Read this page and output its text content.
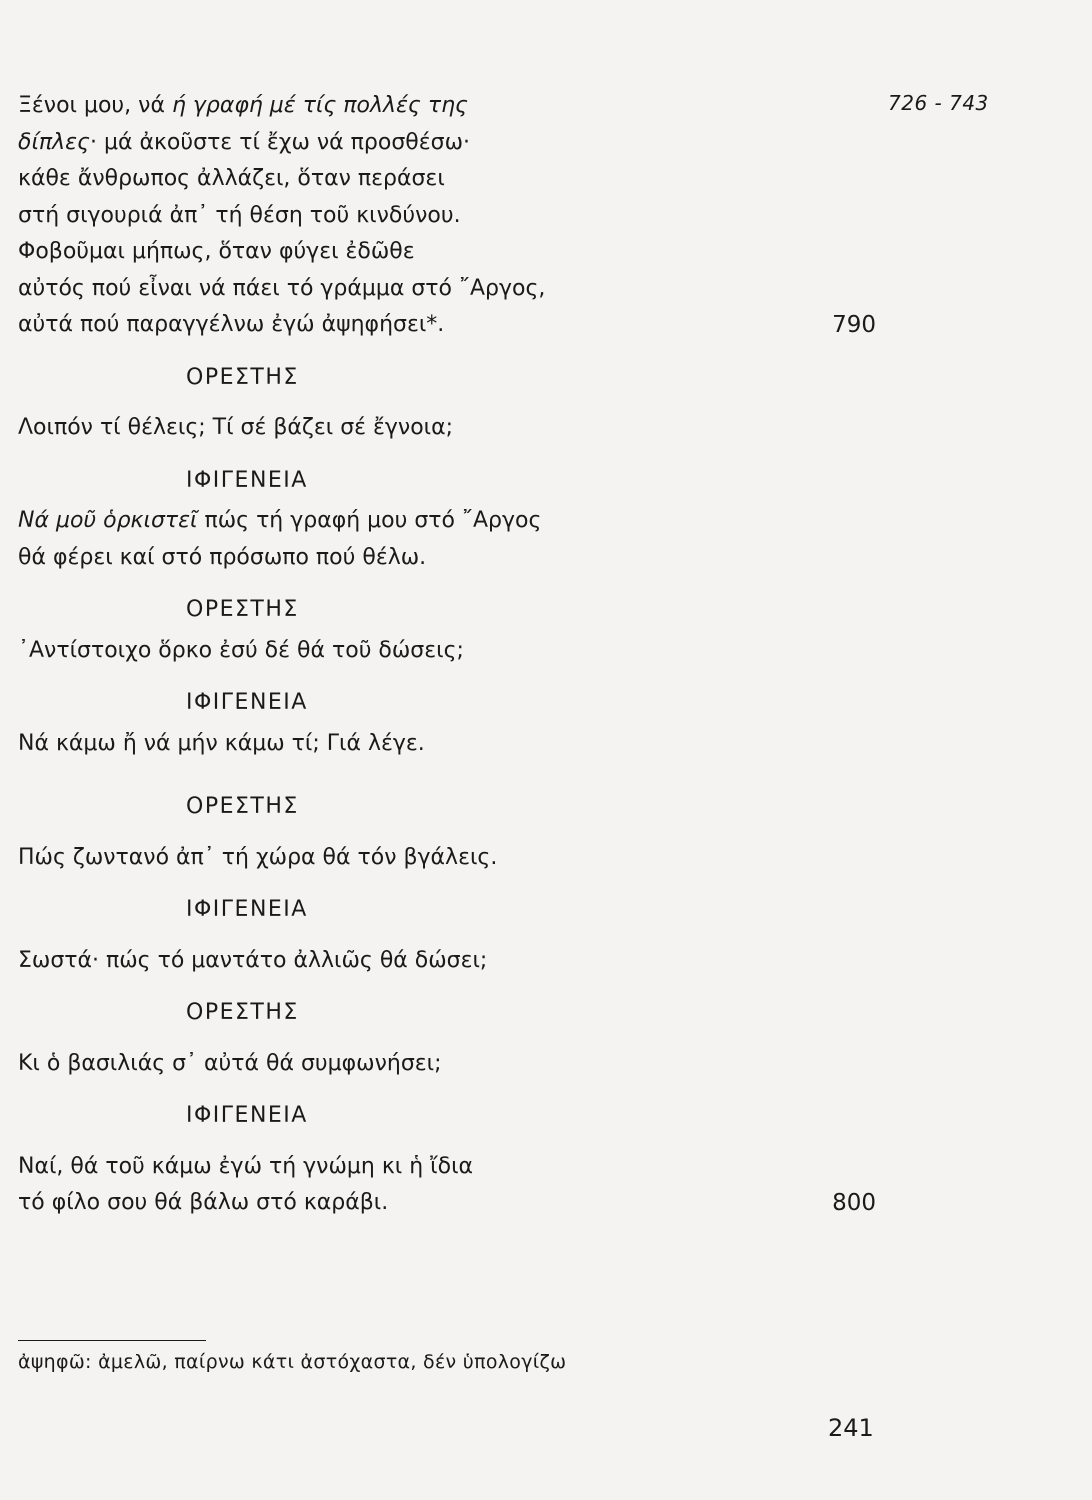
726 - 743
Ξένοι μου, νά ή γραφή μέ τίς πολλές της
δίπλες· μά ἀκοῦστε τί ἔχω νά προσθέσω·
κάθε ἄνθρωπος ἀλλάζει, ὅταν περάσει
στή σιγουριά ἀπ᾽ τή θέση τοῦ κινδύνου.
Φοβοῦμαι μήπως, ὅταν φύγει ἐδῶθε
αὐτός πού εἶναι νά πάει τό γράμμα στό ῎Αργος,
αὐτά πού παραγγέλνω ἐγώ ἀψηφήσει*.	790
ΟΡΕΣΤΗΣ
Λοιπόν τί θέλεις; Τί σέ βάζει σέ ἔγνοια;
ΙΦΙΓΕΝΕΙΑ
Νά μοῦ ὁρκιστεῖ πώς τή γραφή μου στό ῎Αργος
θά φέρει καί στό πρόσωπο πού θέλω.
ΟΡΕΣΤΗΣ
᾽Αντίστοιχο ὅρκο ἐσύ δέ θά τοῦ δώσεις;
ΙΦΙΓΕΝΕΙΑ
Νά κάμω ἤ νά μήν κάμω τί; Γιά λέγε.
ΟΡΕΣΤΗΣ
Πώς ζωντανό ἀπ᾽ τή χώρα θά τόν βγάλεις.
ΙΦΙΓΕΝΕΙΑ
Σωστά· πώς τό μαντάτο ἀλλιῶς θά δώσει;
ΟΡΕΣΤΗΣ
Κι ὁ βασιλιάς σ᾽ αὐτά θά συμφωνήσει;
ΙΦΙΓΕΝΕΙΑ
Ναί, θά τοῦ κάμω ἐγώ τή γνώμη κι ἡ ἴδια
τό φίλο σου θά βάλω στό καράβι.	800
ἀψηφῶ: ἀμελῶ, παίρνω κάτι ἀστόχαστα, δέν ὑπολογίζω
241
